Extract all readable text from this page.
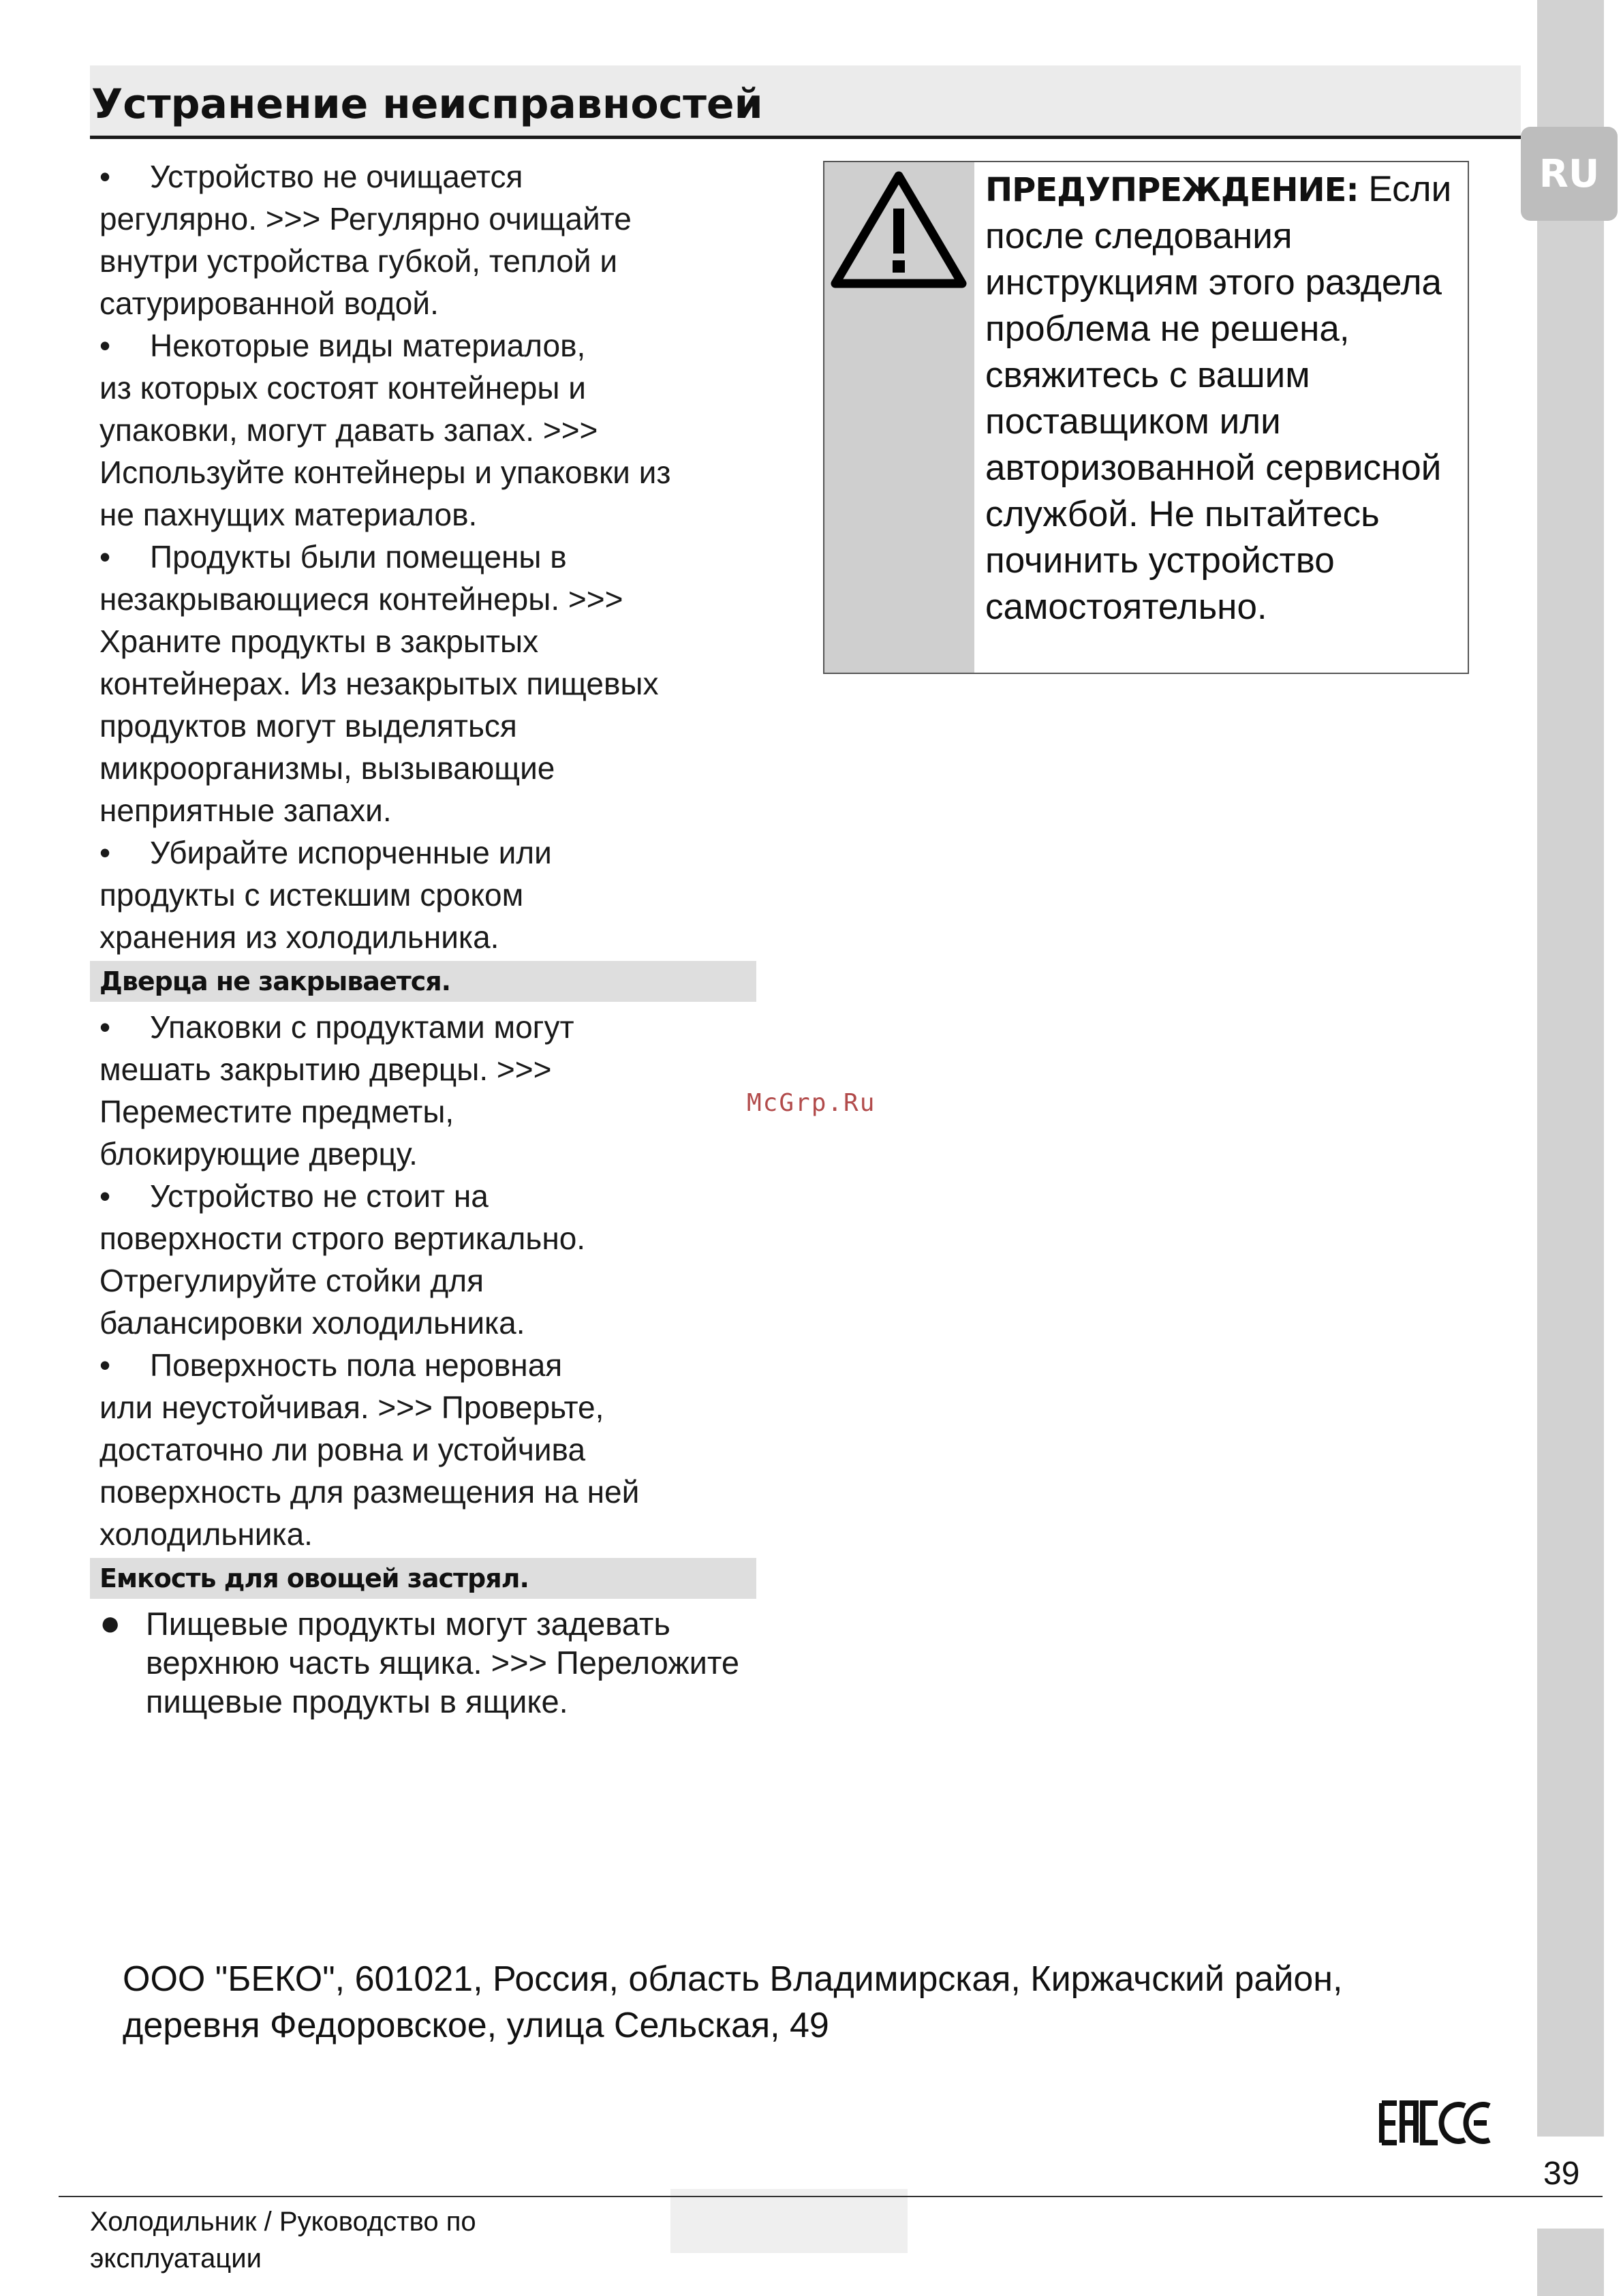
RU
Устранение неисправностей

• Устройство не очищается

регулярно. >>> Регулярно очищайте внутри устройства губкой, теплой и сатурированной водой.

• Некоторые виды материалов,

из которых состоят контейнеры и упаковки, могут давать запах. >>> Используйте контейнеры и упаковки из не пахнущих материалов.

• Продукты были помещены в

незакрывающиеся контейнеры. >>> Храните продукты в закрытых контейнерах. Из незакрытых пищевых продуктов могут выделяться микроорганизмы, вызывающие неприятные запахи.

• Убирайте испорченные или

продукты с истекшим сроком хранения из холодильника.

Дверца не закрывается.

• Упаковки с продуктами могут

мешать закрытию дверцы. >>> Переместите предметы, блокирующие дверцу.

• Устройство не стоит на

поверхности строго вертикально. Отрегулируйте стойки для балансировки холодильника.

• Поверхность пола неровная

или неустойчивая. >>> Проверьте, достаточно ли ровна и устойчива поверхность для размещения на ней холодильника.

Емкость для овощей застрял.

● Пищевые продукты могут задевать верхнюю часть ящика. >>> Переложите пищевые продукты в ящике.
ПРЕДУПРЕЖДЕНИЕ: Если после следования инструкциям этого раздела проблема не решена, свяжитесь с вашим поставщиком или авторизованной сервисной службой. Не пытайтесь починить устройство самостоятельно.
McGrp.Ru
ООО "БЕКО", 601021, Россия, область Владимирская, Киржачский район, деревня Федоровское, улица Сельская, 49
39
Холодильник / Руководство по эксплуатации
